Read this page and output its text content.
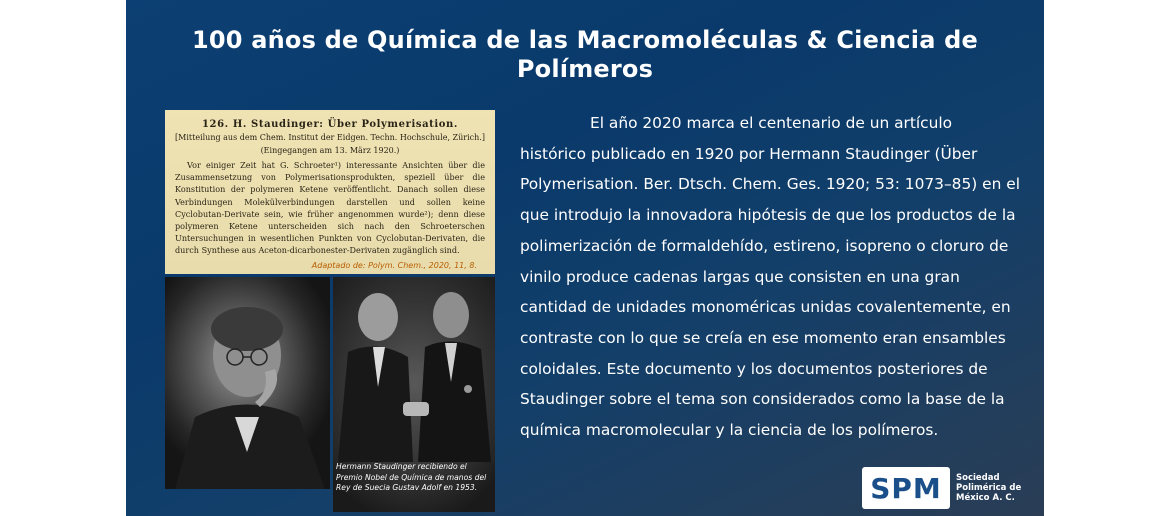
100 años de Química de las Macromoléculas & Ciencia de
Polímeros
126. H. Staudinger: Über Polymerisation.
[Mitteilung aus dem Chem. Institut der Eidgen. Techn. Hochschule, Zürich.]
(Eingegangen am 13. März 1920.)
Vor einiger Zeit hat G. Schroeter¹) interessante Ansichten über die Zusammensetzung von Polymerisationsprodukten, speziell über die Konstitution der polymeren Ketene veröffentlicht. Danach sollen diese Verbindungen Molekülverbindungen darstellen und sollen keine Cyclobutan-Derivate sein, wie früher angenommen wurde²); denn diese polymeren Ketene unterscheiden sich nach den Schroeterschen Untersuchungen in wesentlichen Punkten von Cyclobutan-Derivaten, die durch Synthese aus Aceton-dicarbonester-Derivaten zugänglich sind.
Adaptado de: Polym. Chem., 2020, 11, 8.
Hermann Staudinger recibiendo el Premio Nobel de Química de manos del Rey de Suecia Gustav Adolf en 1953.
El año 2020 marca el centenario de un artículo histórico publicado en 1920 por Hermann Staudinger (Über Polymerisation. Ber. Dtsch. Chem. Ges. 1920; 53: 1073–85) en el que introdujo la innovadora hipótesis de que los productos de la polimerización de formaldehído, estireno, isopreno o cloruro de vinilo produce cadenas largas que consisten en una gran cantidad de unidades monoméricas unidas covalentemente, en contraste con lo que se creía en ese momento eran ensambles coloidales. Este documento y los documentos posteriores de Staudinger sobre el tema son considerados como la base de la química macromolecular y la ciencia de los polímeros.
SPM	Sociedad
Polimérica de
México A. C.
